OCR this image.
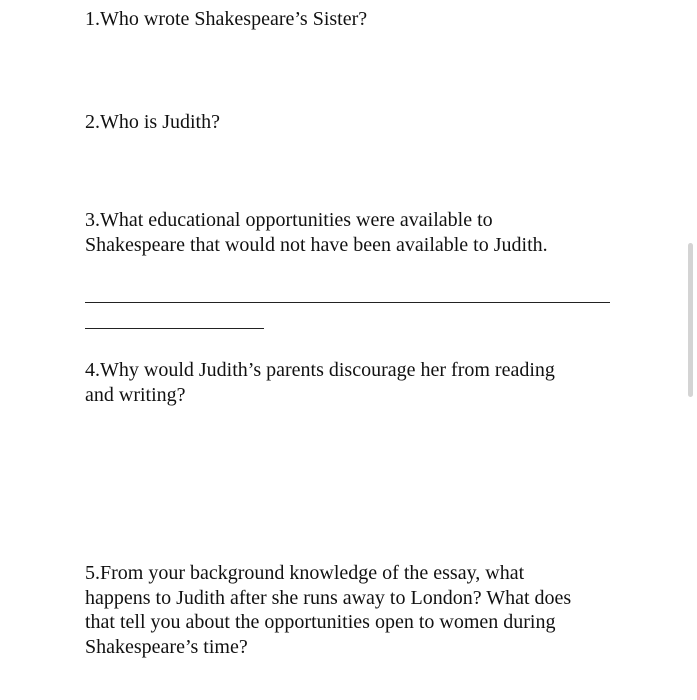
1.Who wrote Shakespeare’s Sister?
2.Who is Judith?
3.What educational opportunities were available to
Shakespeare that would not have been available to Judith.
4.Why would Judith’s parents discourage her from reading
and writing?
5.From your background knowledge of the essay, what
happens to Judith after she runs away to London? What does
that tell you about the opportunities open to women during
Shakespeare’s time?
